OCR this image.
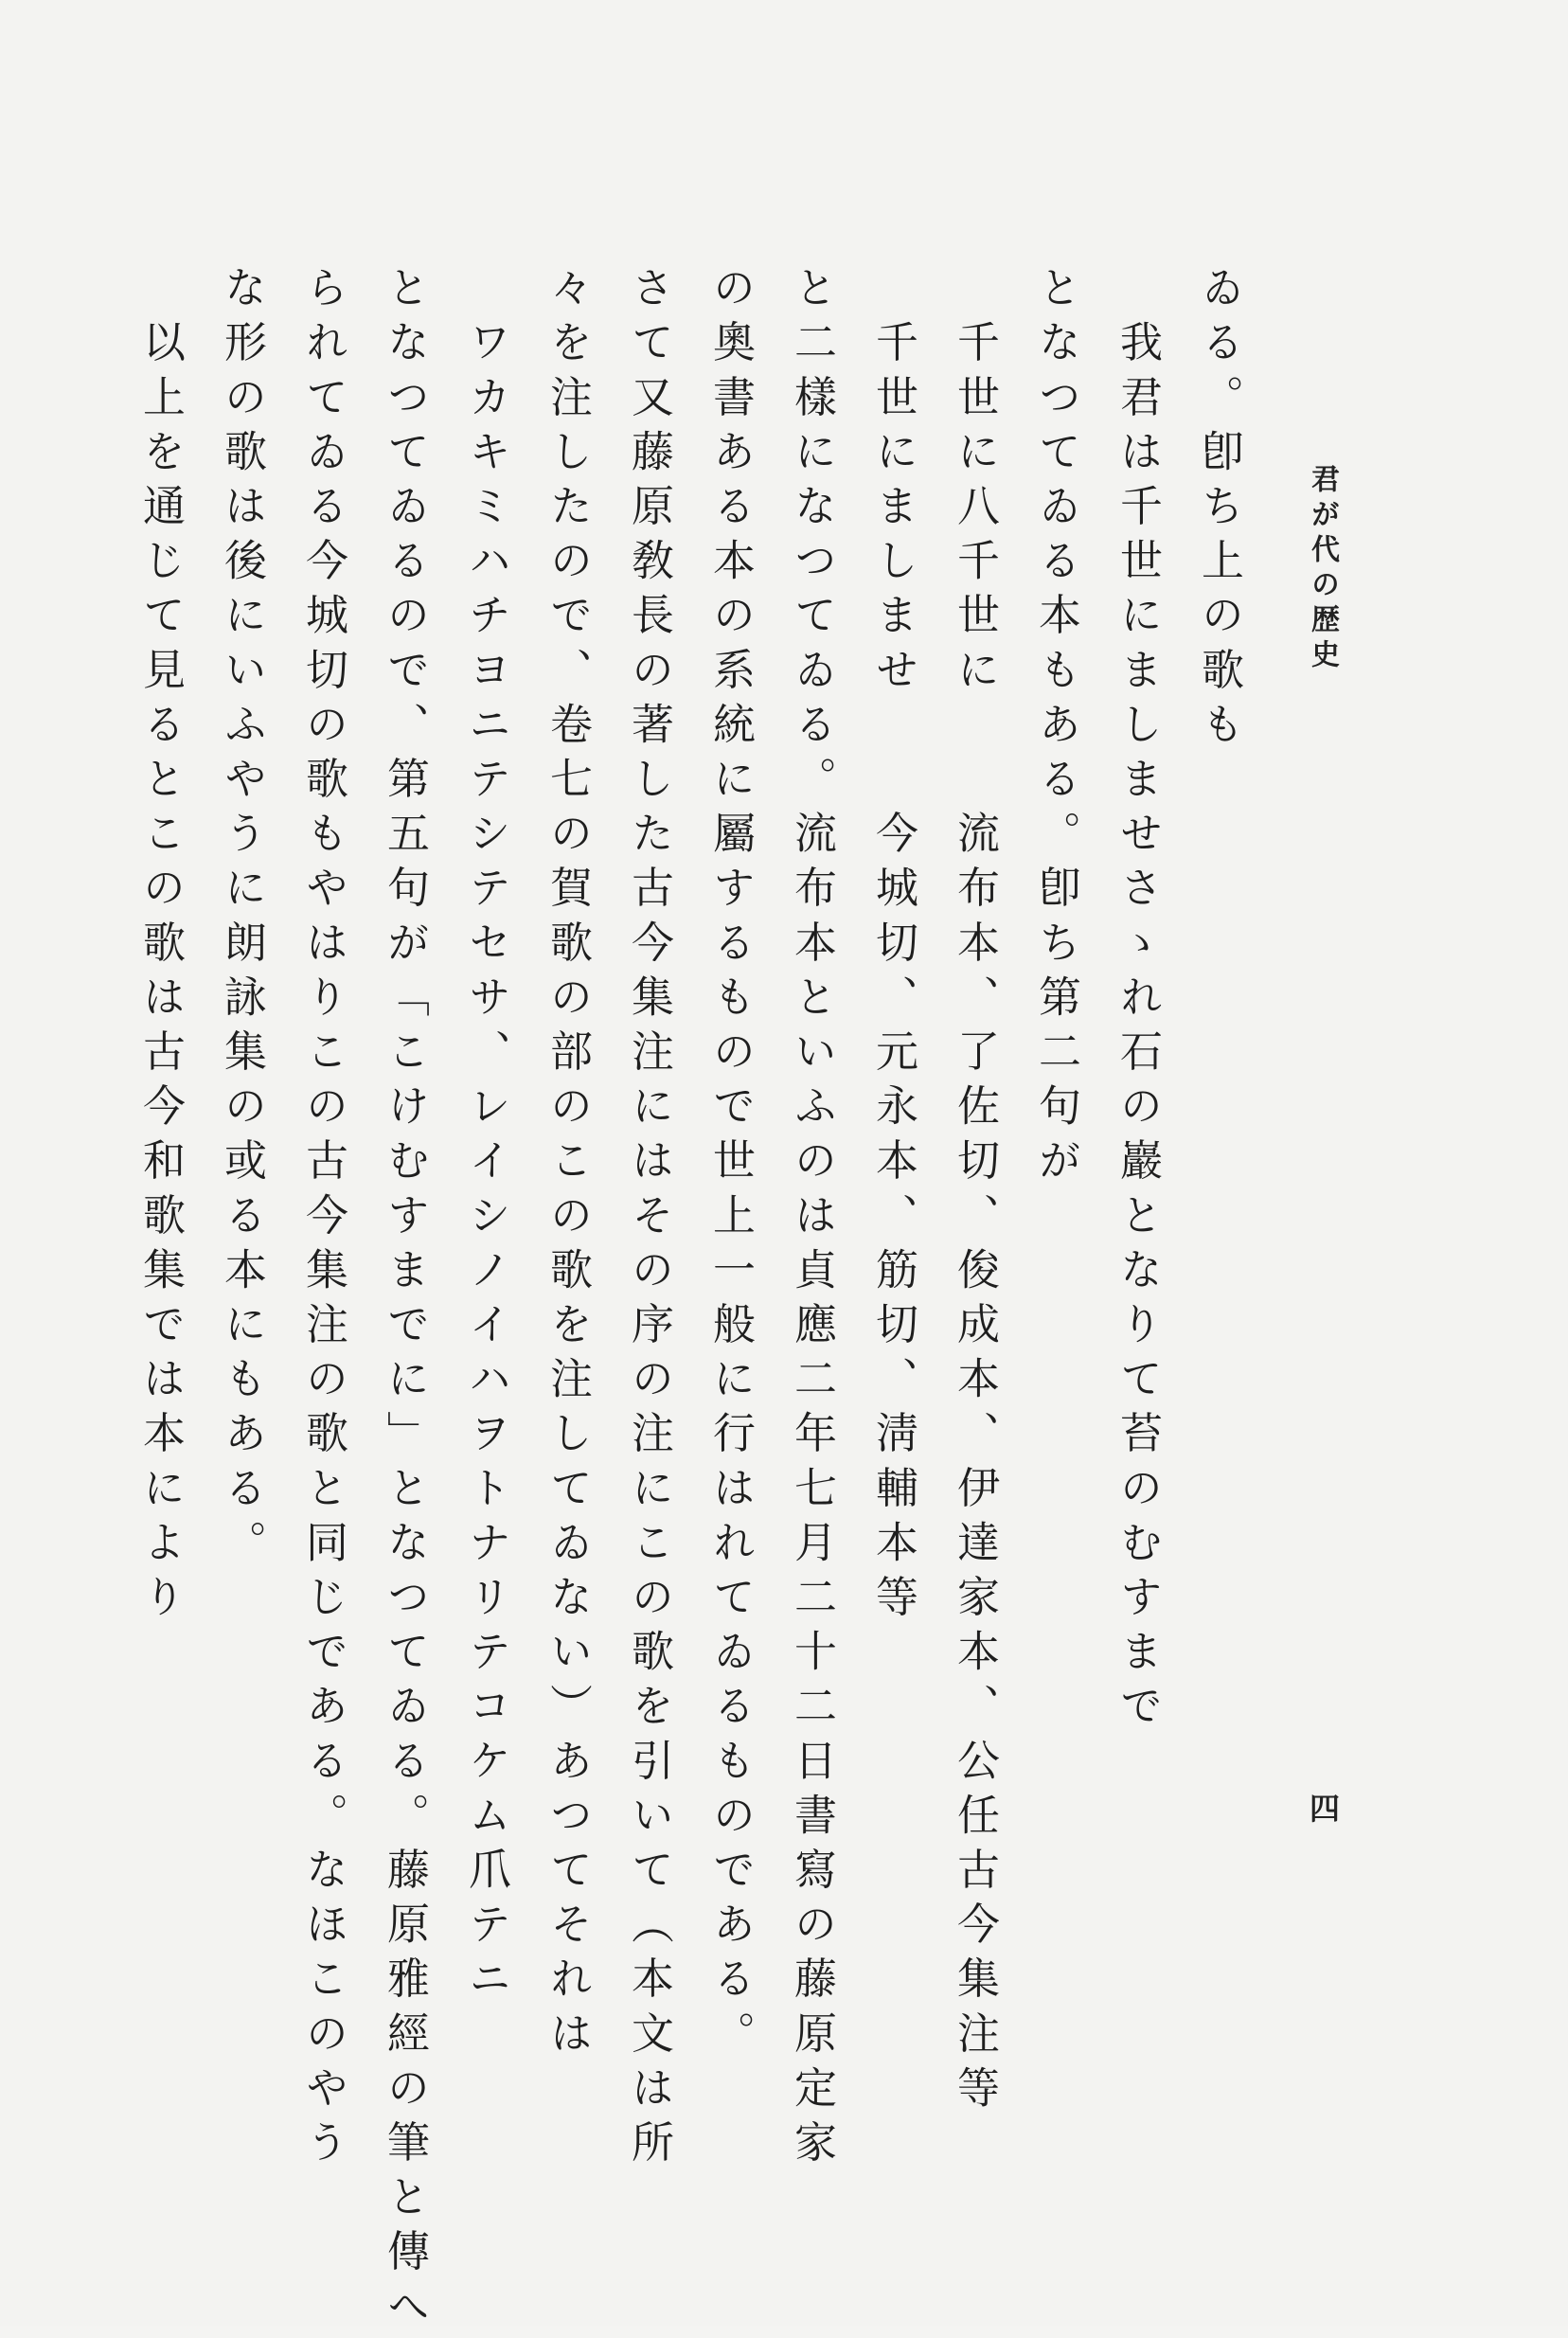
君が代の歴史
四
ゐる。卽ち上の歌も
　我君は千世にましませさゝれ石の巖となりて苔のむすまで
となつてゐる本もある。卽ち第二句が
　千世に八千世に　　流布本、了佐切、俊成本、伊達家本、公任古今集注等
　千世にましませ　　今城切、元永本、筋切、淸輔本等
と二樣になつてゐる。流布本といふのは貞應二年七月二十二日書寫の藤原定家
の奧書ある本の系統に屬するもので世上一般に行はれてゐるものである。
さて又藤原敎長の著した古今集注にはその序の注にこの歌を引いて（本文は所
々を注したので、卷七の賀歌の部のこの歌を注してゐない）あつてそれは
　ワカキミハチヨニテシテセサ、レイシノイハヲトナリテコケム爪テニ
となつてゐるので、第五句が「こけむすまでに」となつてゐる。藤原雅經の筆と傳へ
られてゐる今城切の歌もやはりこの古今集注の歌と同じである。なほこのやう
な形の歌は後にいふやうに朗詠集の或る本にもある。
　以上を通じて見るとこの歌は古今和歌集では本により
